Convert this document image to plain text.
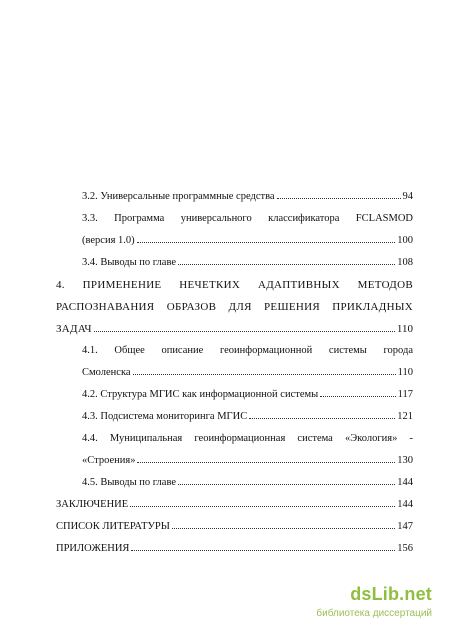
3.2. Универсальные программные средства	94
3.3. Программа универсального классификатора FCLASMOD
(версия 1.0)	100
3.4. Выводы по главе	108
4. ПРИМЕНЕНИЕ НЕЧЕТКИХ АДАПТИВНЫХ МЕТОДОВ
РАСПОЗНАВАНИЯ ОБРАЗОВ ДЛЯ РЕШЕНИЯ ПРИКЛАДНЫХ
ЗАДАЧ	110
4.1. Общее описание геоинформационной системы города
Смоленска	110
4.2. Структура МГИС как информационной системы	117
4.3. Подсистема мониторинга МГИС	121
4.4. Муниципальная геоинформационная система «Экология» -
«Строения»	130
4.5. Выводы по главе	144
ЗАКЛЮЧЕНИЕ	144
СПИСОК ЛИТЕРАТУРЫ	147
ПРИЛОЖЕНИЯ	156
dsLib.net
библиотека диссертаций
